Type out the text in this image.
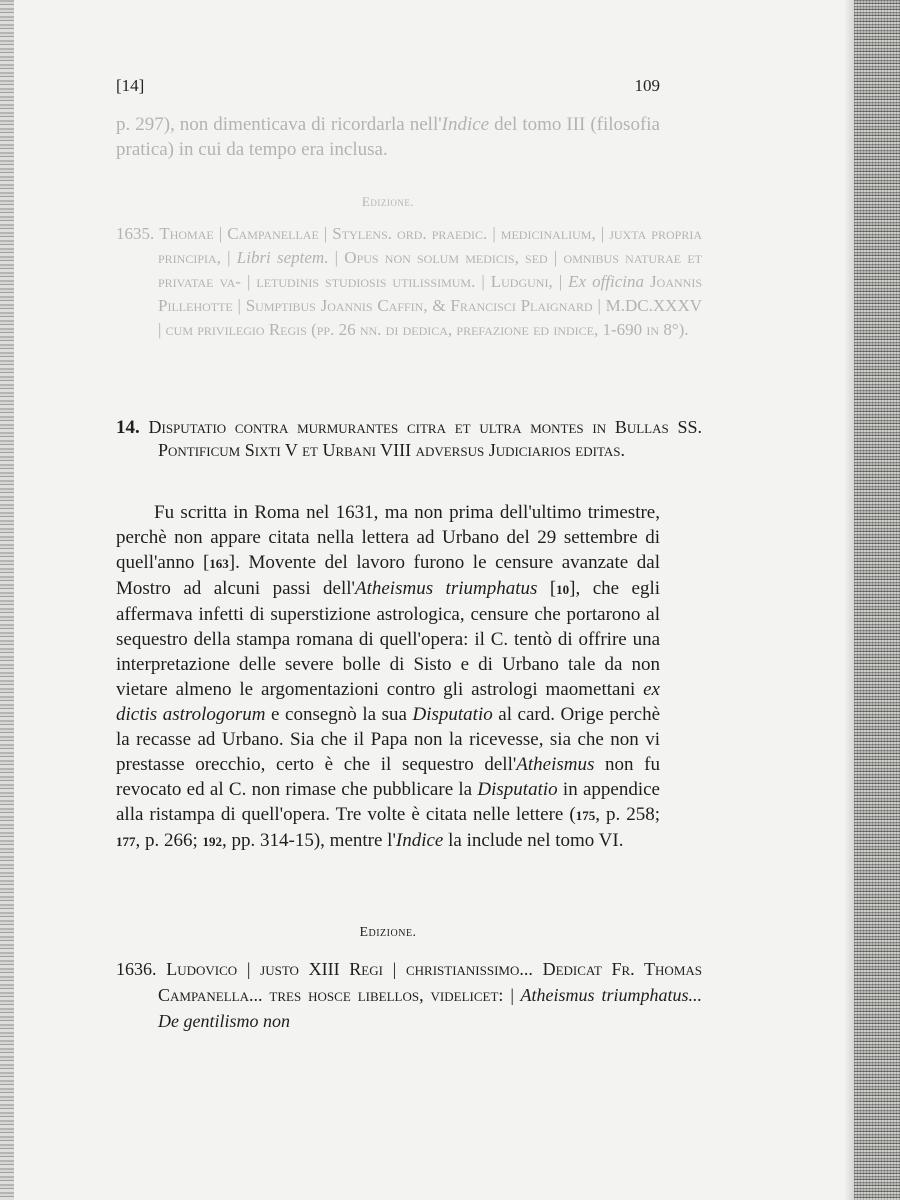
[14]	109
p. 297), non dimenticava di ricordarla nell'Indice del tomo III (filosofia pratica) in cui da tempo era inclusa.
Edizione.
1635. Thomae | Campanellae | Stylens. ord. praedic. | medicinalium, | juxta propria principia, | Libri septem. | Opus non solum medicis, sed | omnibus naturae et privatae va- | letudinis studiosis utilissimum. | Ludguni, | Ex officina Joannis Pillehotte | Sumptibus Joannis Caffin, & Francisci Plaignard | M.DC.XXXV | cum privilegio Regis (pp. 26 nn. di dedica, prefazione ed indice, 1-690 in 8°).
14. Disputatio contra murmurantes citra et ultra montes in Bullas SS. Pontificum Sixti V et Urbani VIII adversus Judiciarios editas.
Fu scritta in Roma nel 1631, ma non prima dell'ultimo trimestre, perchè non appare citata nella lettera ad Urbano del 29 settembre di quell'anno [163]. Movente del lavoro furono le censure avanzate dal Mostro ad alcuni passi dell'Atheismus triumphatus [10], che egli affermava infetti di superstizione astrologica, censure che portarono al sequestro della stampa romana di quell'opera: il C. tentò di offrire una interpretazione delle severe bolle di Sisto e di Urbano tale da non vietare almeno le argomentazioni contro gli astrologi maomettani ex dictis astrologorum e consegnò la sua Disputatio al card. Orige perchè la recasse ad Urbano. Sia che il Papa non la ricevesse, sia che non vi prestasse orecchio, certo è che il sequestro dell'Atheismus non fu revocato ed al C. non rimase che pubblicare la Disputatio in appendice alla ristampa di quell'opera. Tre volte è citata nelle lettere (175, p. 258; 177, p. 266; 192, pp. 314-15), mentre l'Indice la include nel tomo VI.
Edizione.
1636. Ludovico | justo XIII Regi | christianissimo... Dedicat Fr. Thomas Campanella... tres hosce libellos, videlicet: | Atheismus triumphatus... De gentilismo non
